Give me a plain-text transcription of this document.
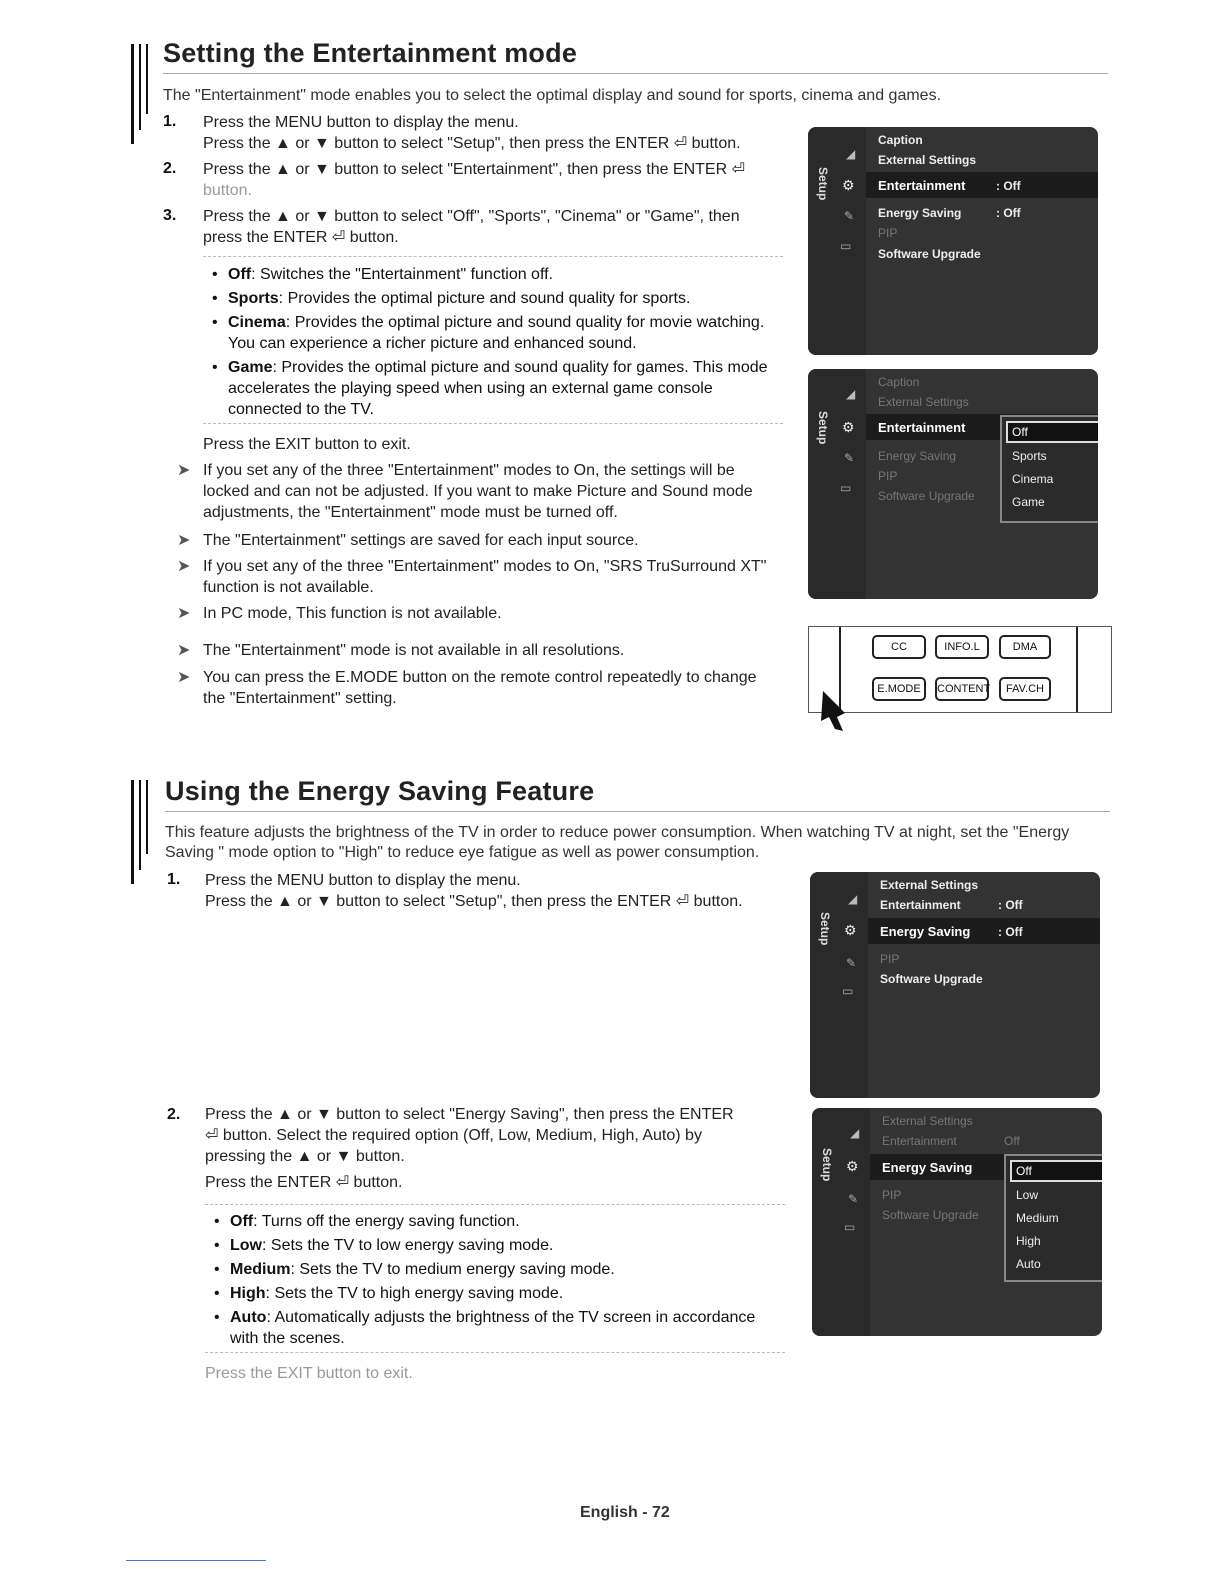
Setting the Entertainment mode
The "Entertainment" mode enables you to select the optimal display and sound for sports, cinema and games.
1. Press the MENU button to display the menu.
Press the ▲ or ▼ button to select "Setup", then press the ENTER ⏎ button.
2. Press the ▲ or ▼ button to select "Entertainment", then press the ENTER ⏎
button.
3. Press the ▲ or ▼ button to select "Off", "Sports", "Cinema" or "Game", then
press the ENTER ⏎ button.
• Off: Switches the "Entertainment" function off.
• Sports: Provides the optimal picture and sound quality for sports.
• Cinema: Provides the optimal picture and sound quality for movie watching. You can experience a richer picture and enhanced sound.
• Game: Provides the optimal picture and sound quality for games. This mode accelerates the playing speed when using an external game console connected to the TV.
Press the EXIT button to exit.
➤ If you set any of the three "Entertainment" modes to On, the settings will be locked and can not be adjusted. If you want to make Picture and Sound mode adjustments, the "Entertainment" mode must be turned off.
➤ The "Entertainment" settings are saved for each input source.
➤ If you set any of the three "Entertainment" modes to On, "SRS TruSurround XT" function is not available.
➤ In PC mode, This function is not available.
➤ The "Entertainment" mode is not available in all resolutions.
➤ You can press the E.MODE button on the remote control repeatedly to change the "Entertainment" setting.
Setup
◢
⚙
✎
▭
Caption
External Settings
Entertainment	: Off
Energy Saving	: Off
PIP
Software Upgrade
Setup
◢
⚙
✎
▭
Caption
External Settings
Entertainment
Energy Saving
PIP
Software Upgrade
Off
Sports
Cinema
Game
CC	INFO.L	DMA
E.MODE	CONTENT	FAV.CH
Using the Energy Saving Feature
This feature adjusts the brightness of the TV in order to reduce power consumption. When watching TV at night, set the "Energy Saving " mode option to "High" to reduce eye fatigue as well as power consumption.
1. Press the MENU button to display the menu.
Press the ▲ or ▼ button to select "Setup", then press the ENTER ⏎ button.
2. Press the ▲ or ▼ button to select "Energy Saving", then press the ENTER
⏎ button. Select the required option (Off, Low, Medium, High, Auto) by
pressing the ▲ or ▼ button.
Press the ENTER ⏎ button.
• Off: Turns off the energy saving function.
• Low: Sets the TV to low energy saving mode.
• Medium: Sets the TV to medium energy saving mode.
• High: Sets the TV to high energy saving mode.
• Auto: Automatically adjusts the brightness of the TV screen in accordance with the scenes.
Press the EXIT button to exit.
Setup
◢
⚙
✎
▭
External Settings
Entertainment	: Off
Energy Saving : Off
PIP
Software Upgrade
Setup
◢
⚙
✎
▭
External Settings
Entertainment	Off
Energy Saving
PIP
Software Upgrade
Off
Low
Medium
High
Auto
English - 72
